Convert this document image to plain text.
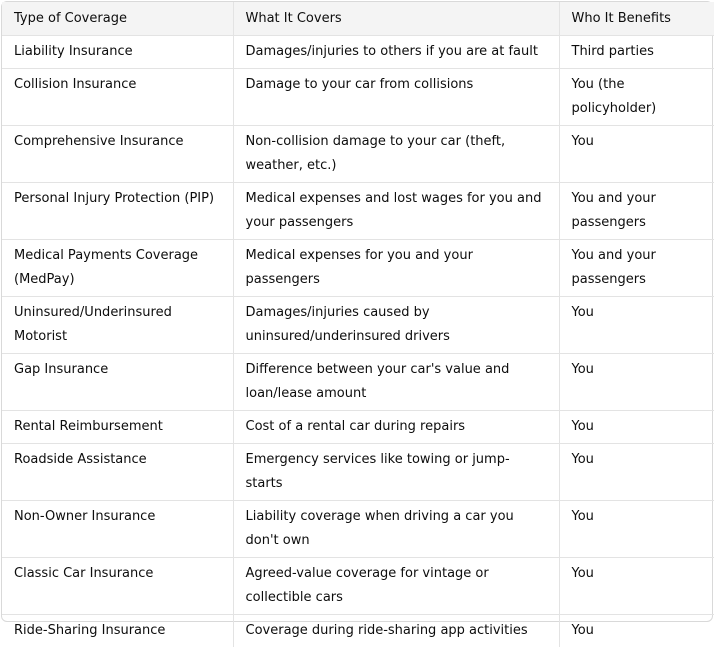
Type of Coverage	What It Covers	Who It Benefits
Liability Insurance	Damages/injuries to others if you are at fault	Third parties
Collision Insurance	Damage to your car from collisions	You (the policyholder)
Comprehensive Insurance	Non-collision damage to your car (theft, weather, etc.)	You
Personal Injury Protection (PIP)	Medical expenses and lost wages for you and your passengers	You and your passengers
Medical Payments Coverage (MedPay)	Medical expenses for you and your passengers	You and your passengers
Uninsured/Underinsured Motorist	Damages/injuries caused by uninsured/underinsured drivers	You
Gap Insurance	Difference between your car's value and loan/lease amount	You
Rental Reimbursement	Cost of a rental car during repairs	You
Roadside Assistance	Emergency services like towing or jump-starts	You
Non-Owner Insurance	Liability coverage when driving a car you don't own	You
Classic Car Insurance	Agreed-value coverage for vintage or collectible cars	You
Ride-Sharing Insurance	Coverage during ride-sharing app activities	You
